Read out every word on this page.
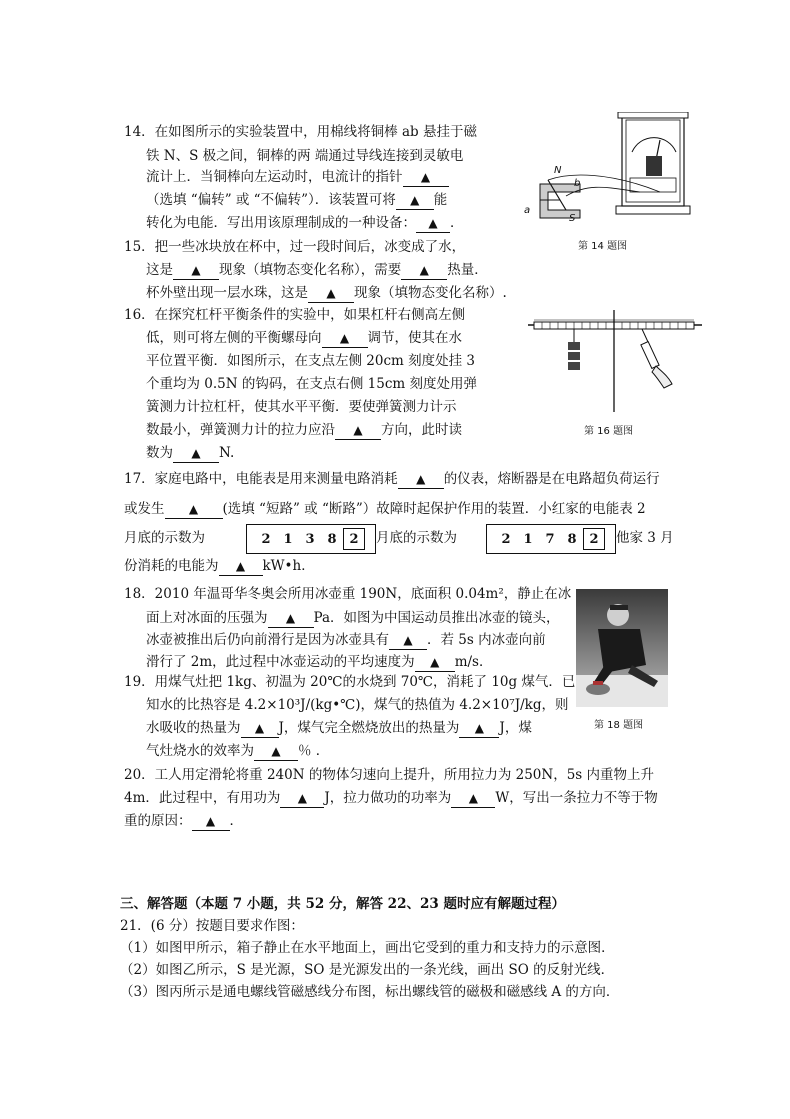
14．在如图所示的实验装置中，用棉线将铜棒 ab 悬挂于磁
铁 N、S 极之间，铜棒的两 端通过导线连接到灵敏电
流计上．当铜棒向左运动时，电流计的指针 ▲
（选填 “偏转” 或 “不偏转”）．该装置可将 ▲ 能
转化为电能．写出用该原理制成的一种设备： ▲ ．
N
S
a
b
第 14 题图
15．把一些冰块放在杯中，过一段时间后，冰变成了水，
这是 ▲ 现象（填物态变化名称），需要 ▲ 热量．
杯外壁出现一层水珠，这是 ▲ 现象（填物态变化名称）.
16．在探究杠杆平衡条件的实验中，如果杠杆右侧高左侧
低，则可将左侧的平衡螺母向 ▲ 调节，使其在水
平位置平衡．如图所示，在支点左侧 20cm 刻度处挂 3
个重均为 0.5N 的钩码，在支点右侧 15cm 刻度处用弹
簧测力计拉杠杆，使其水平平衡．要使弹簧测力计示
数最小，弹簧测力计的拉力应沿 ▲ 方向，此时读
数为 ▲ N.
第 16 题图
17．家庭电路中，电能表是用来测量电路消耗 ▲ 的仪表，熔断器是在电路超负荷运行
或发生 ▲ (选填 “短路” 或 “断路”）故障时起保护作用的装置．小红家的电能表 2
月底的示数为	2 1 3 8 2	月底的示数为	2 1 7 8 2	他家 3 月
份消耗的电能为 ▲ kW•h．
18．2010 年温哥华冬奥会所用冰壶重 190N，底面积 0.04m²，静止在冰
面上对冰面的压强为 ▲ Pa．如图为中国运动员推出冰壶的镜头，
冰壶被推出后仍向前滑行是因为冰壶具有 ▲ ．若 5s 内冰壶向前
滑行了 2m，此过程中冰壶运动的平均速度为 ▲ m/s．
第 18 题图
19．用煤气灶把 1kg、初温为 20℃的水烧到 70℃，消耗了 10g 煤气．已
知水的比热容是 4.2×10³J/(kg•℃)，煤气的热值为 4.2×10⁷J/kg，则
水吸收的热量为 ▲ J，煤气完全燃烧放出的热量为 ▲ J，煤
气灶烧水的效率为 ▲ ％ ．
20．工人用定滑轮将重 240N 的物体匀速向上提升，所用拉力为 250N，5s 内重物上升
4m．此过程中，有用功为 ▲ J，拉力做功的功率为 ▲ W，写出一条拉力不等于物
重的原因： ▲ ．
三、解答题（本题 7 小题，共 52 分，解答 22、23 题时应有解题过程）
21．(6 分）按题目要求作图：
（1）如图甲所示，箱子静止在水平地面上，画出它受到的重力和支持力的示意图．
（2）如图乙所示，S 是光源，SO 是光源发出的一条光线，画出 SO 的反射光线．
（3）图丙所示是通电螺线管磁感线分布图，标出螺线管的磁极和磁感线 A 的方向．
